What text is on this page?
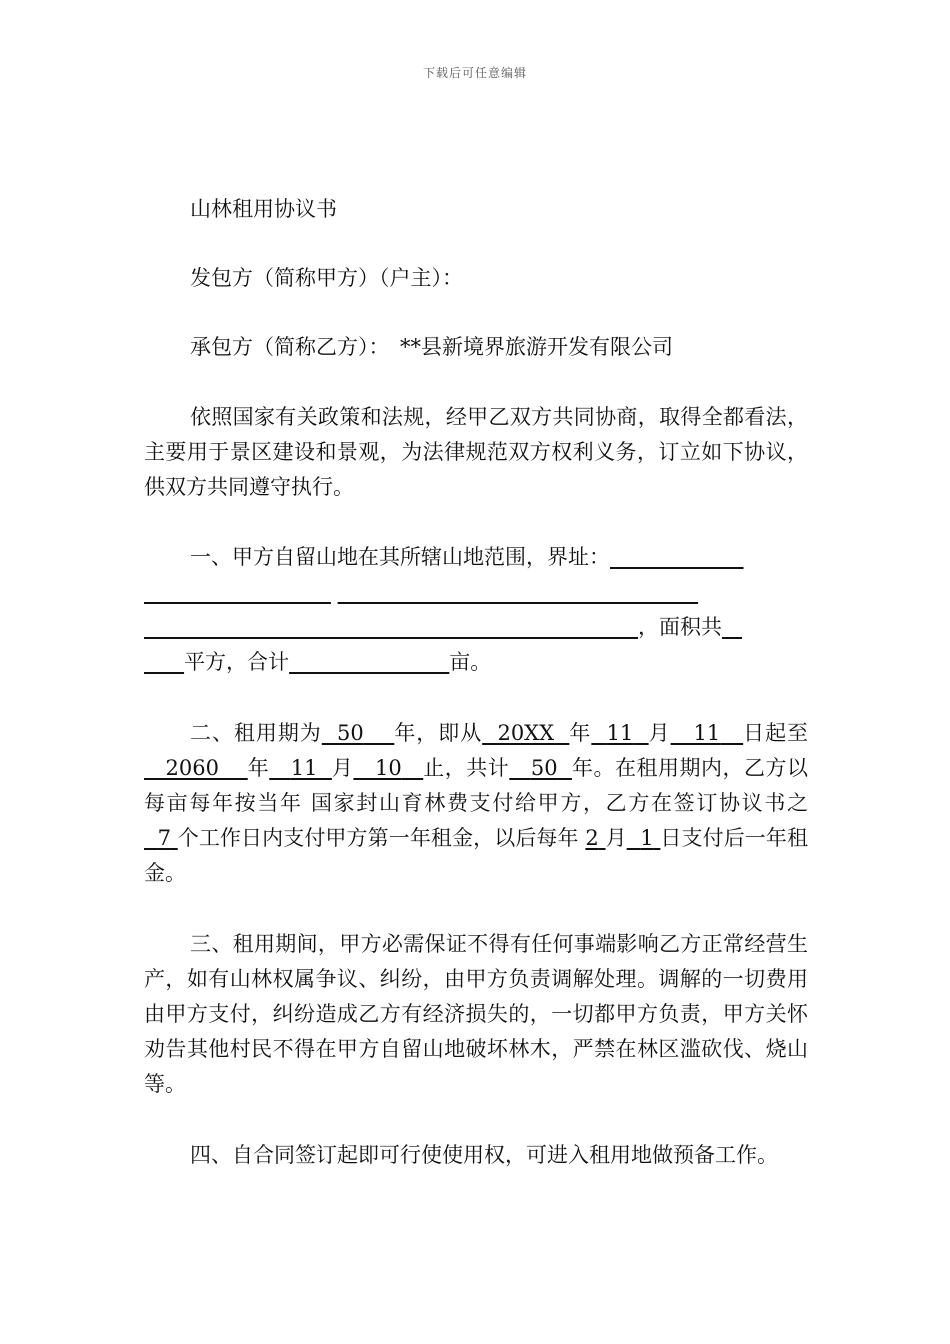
下载后可任意编辑

山林租用协议书

发包方（简称甲方）（户主）：

承包方（简称乙方）：　**县新境界旅游开发有限公司

依照国家有关政策和法规，经甲乙双方共同协商，取得全都看法，主要用于景区建设和景观，为法律规范双方权利义务，订立如下协议，供双方共同遵守执行。

一、甲方自留山地在其所辖山地范围，界址：

，面积共
平方，合计	亩。

二、租用期为 50 年，即从 20XX 年 11 月 11 日起至   2060 年 11 月 10 止，共计 50 年。在租用期内，乙方以每亩每年按当年 国家封山育林费支付给甲方，乙方在签订协议书之  7 个工作日内支付甲方第一年租金，以后每年 2 月 1 日支付后一年租金。

三、租用期间，甲方必需保证不得有任何事端影响乙方正常经营生产，如有山林权属争议、纠纷，由甲方负责调解处理。调解的一切费用由甲方支付，纠纷造成乙方有经济损失的，一切都甲方负责，甲方关怀劝告其他村民不得在甲方自留山地破坏林木，严禁在林区滥砍伐、烧山等。

四、自合同签订起即可行使使用权，可进入租用地做预备工作。
